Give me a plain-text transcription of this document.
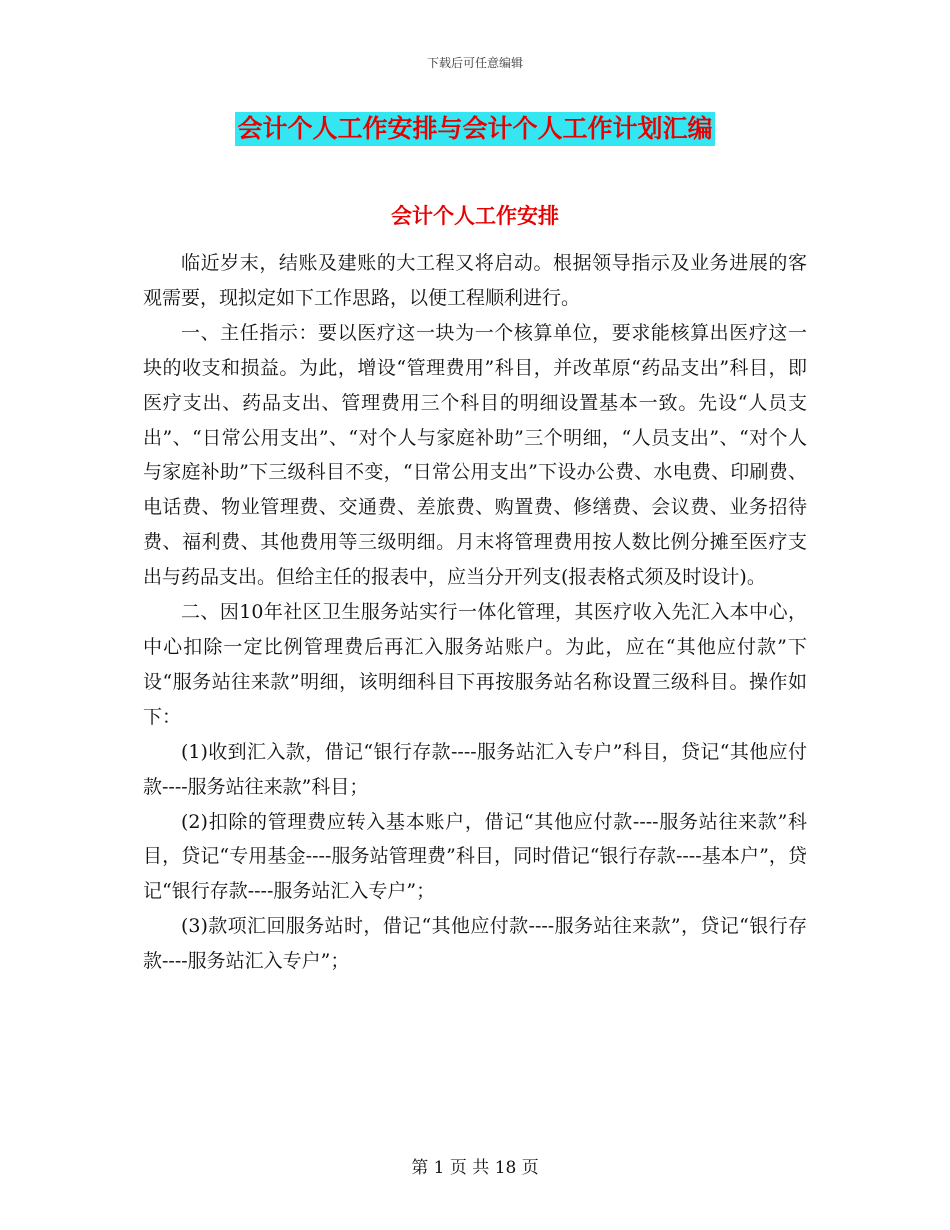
下载后可任意编辑
会计个人工作安排与会计个人工作计划汇编
会计个人工作安排

临近岁末，结账及建账的大工程又将启动。根据领导指示及业务进展的客观需要，现拟定如下工作思路，以便工程顺利进行。

一、主任指示：要以医疗这一块为一个核算单位，要求能核算出医疗这一块的收支和损益。为此，增设“管理费用”科目，并改革原“药品支出”科目，即医疗支出、药品支出、管理费用三个科目的明细设置基本一致。先设“人员支出”、“日常公用支出”、“对个人与家庭补助”三个明细，“人员支出”、“对个人与家庭补助”下三级科目不变，“日常公用支出”下设办公费、水电费、印刷费、电话费、物业管理费、交通费、差旅费、购置费、修缮费、会议费、业务招待费、福利费、其他费用等三级明细。月末将管理费用按人数比例分摊至医疗支出与药品支出。但给主任的报表中，应当分开列支(报表格式须及时设计)。

二、因10年社区卫生服务站实行一体化管理，其医疗收入先汇入本中心，中心扣除一定比例管理费后再汇入服务站账户。为此，应在“其他应付款”下设“服务站往来款”明细，该明细科目下再按服务站名称设置三级科目。操作如下：

(1)收到汇入款，借记“银行存款----服务站汇入专户”科目，贷记“其他应付款----服务站往来款”科目；

(2)扣除的管理费应转入基本账户，借记“其他应付款----服务站往来款”科目，贷记“专用基金----服务站管理费”科目，同时借记“银行存款----基本户”，贷记“银行存款----服务站汇入专户”；

(3)款项汇回服务站时，借记“其他应付款----服务站往来款”，贷记“银行存款----服务站汇入专户”；

第 1 页 共 18 页
